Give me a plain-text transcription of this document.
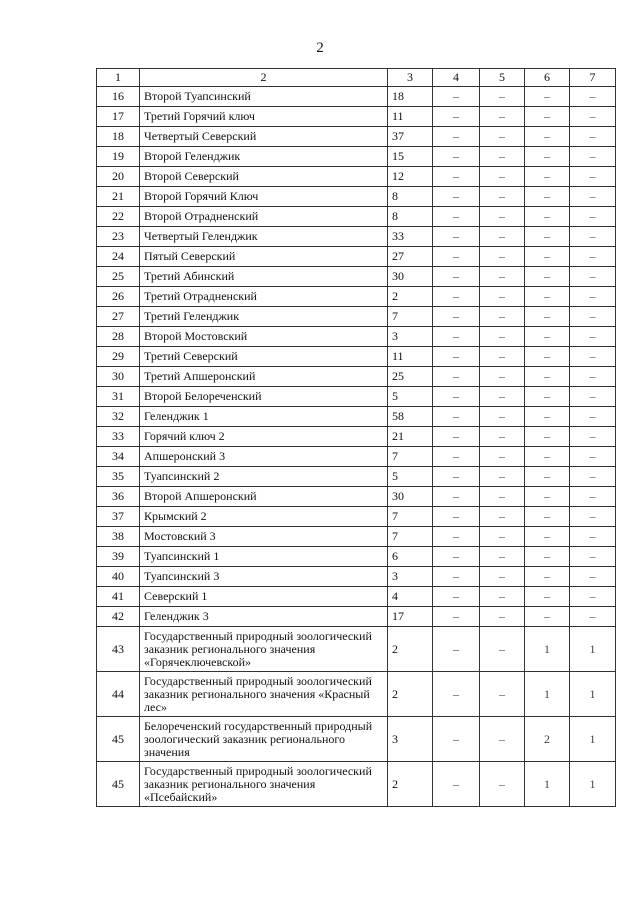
2
1	2	3	4	5	6	7
16	Второй Туапсинский	18	–	–	–	–
17	Третий Горячий ключ	11	–	–	–	–
18	Четвертый Северский	37	–	–	–	–
19	Второй Геленджик	15	–	–	–	–
20	Второй Северский	12	–	–	–	–
21	Второй Горячий Ключ	8	–	–	–	–
22	Второй Отрадненский	8	–	–	–	–
23	Четвертый Геленджик	33	–	–	–	–
24	Пятый Северский	27	–	–	–	–
25	Третий Абинский	30	–	–	–	–
26	Третий Отрадненский	2	–	–	–	–
27	Третий Геленджик	7	–	–	–	–
28	Второй Мостовский	3	–	–	–	–
29	Третий Северский	11	–	–	–	–
30	Третий Апшеронский	25	–	–	–	–
31	Второй Белореченский	5	–	–	–	–
32	Геленджик 1	58	–	–	–	–
33	Горячий ключ 2	21	–	–	–	–
34	Апшеронский 3	7	–	–	–	–
35	Туапсинский 2	5	–	–	–	–
36	Второй Апшеронский	30	–	–	–	–
37	Крымский 2	7	–	–	–	–
38	Мостовский 3	7	–	–	–	–
39	Туапсинский 1	6	–	–	–	–
40	Туапсинский 3	3	–	–	–	–
41	Северский 1	4	–	–	–	–
42	Геленджик 3	17	–	–	–	–
43	Государственный природный зоологический заказник регионального значения «Горячеключевской»	2	–	–	1	1
44	Государственный природный зоологический заказник регионального значения «Красный лес»	2	–	–	1	1
45	Белореченский государственный природный зоологический заказник регионального значения	3	–	–	2	1
45	Государственный природный зоологический заказник регионального значения «Псебайский»	2	–	–	1	1
